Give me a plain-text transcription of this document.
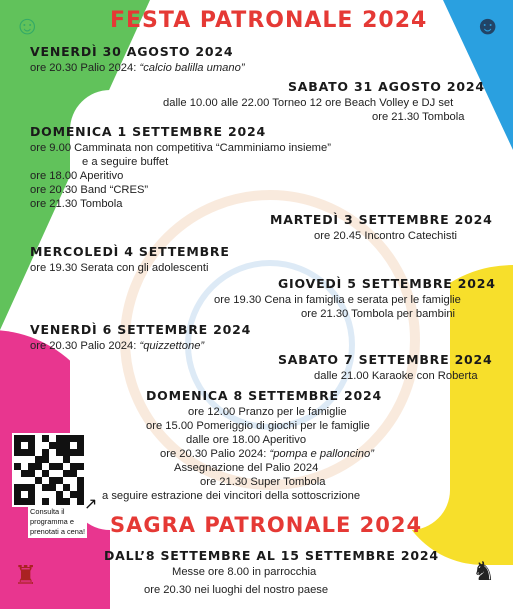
☺	☻
♜	♞
FESTA PATRONALE 2024
VENERDÌ 30 AGOSTO 2024
ore 20.30 Palio 2024: “calcio balilla umano”
SABATO 31 AGOSTO 2024
dalle 10.00 alle 22.00 Torneo 12 ore Beach Volley e DJ set
ore 21.30 Tombola
DOMENICA 1 SETTEMBRE 2024
ore 9.00 Camminata non competitiva “Camminiamo insieme”
e a seguire buffet
ore 18.00 Aperitivo
ore 20.30 Band “CRES”
ore 21.30 Tombola
MARTEDÌ 3 SETTEMBRE 2024
ore 20.45 Incontro Catechisti
MERCOLEDÌ 4 SETTEMBRE
ore 19.30 Serata con gli adolescenti
GIOVEDÌ 5 SETTEMBRE 2024
ore 19.30 Cena in famiglia e serata per le famiglie
ore 21.30 Tombola per bambini
VENERDÌ 6 SETTEMBRE 2024
ore 20.30 Palio 2024: “quizzettone”
SABATO 7 SETTEMBRE 2024
dalle 21.00 Karaoke con Roberta
DOMENICA 8 SETTEMBRE 2024
ore 12.00 Pranzo per le famiglie
ore 15.00 Pomeriggio di giochi per le famiglie
dalle ore 18.00 Aperitivo
ore 20.30 Palio 2024: “pompa e palloncino”
Assegnazione del Palio 2024
ore 21.30 Super Tombola
a seguire estrazione dei vincitori della sottoscrizione
Consulta il
programma e
prenotati a cena!
↗
SAGRA PATRONALE 2024
DALL’8 SETTEMBRE AL 15 SETTEMBRE 2024
Messe ore 8.00 in parrocchia
ore 20.30 nei luoghi del nostro paese
